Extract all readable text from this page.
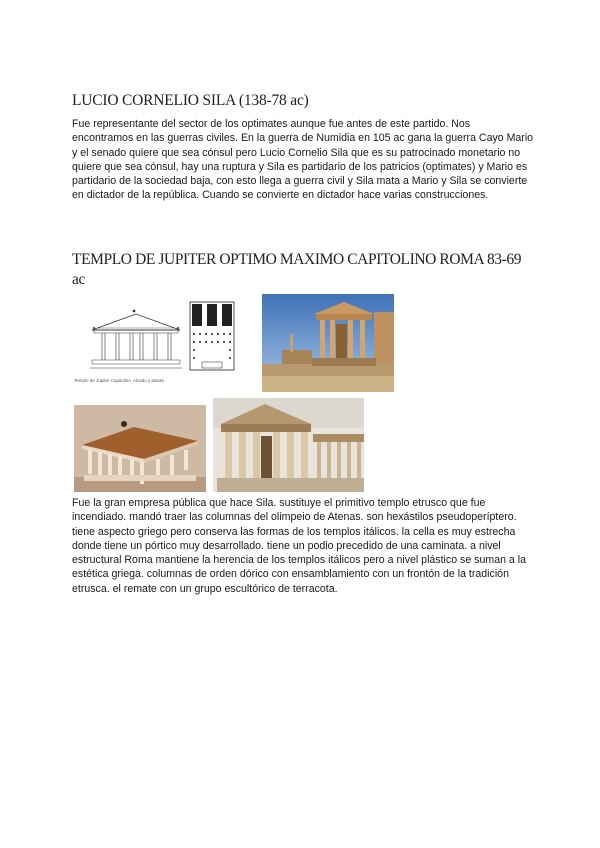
LUCIO CORNELIO SILA (138-78 ac)
Fue representante del sector de los optimates aunque fue antes de este partido. Nos encontramos en las guerras civiles. En la guerra de Numidia en 105 ac gana la guerra Cayo Mario y el senado quiere que sea cónsul pero Lucio Cornelio Sila que es su patrocinado monetario no quiere que sea cónsul, hay una ruptura y Sila es partidario de los patricios (optimates) y Mario es partidario de la sociedad baja, con esto llega a guerra civil y Sila mata a Mario y Sila se convierte en dictador de la república. Cuando se convierte en dictador hace varias construcciones.
TEMPLO DE JUPITER OPTIMO MAXIMO CAPITOLINO ROMA 83-69 ac
Templo de Júpiter Capitolino. Alzado y planta
Fue la gran empresa pública que hace Sila. sustituye el primitivo templo etrusco que fue incendiado. mandó traer las columnas del olimpeio de Atenas. son hexástilos pseudoperíptero. tiene aspecto griego pero conserva las formas de los templos itálicos. la cella es muy estrecha donde tiene un pórtico muy desarrollado. tiene un podio precedido de una caminata. a nivel estructural Roma mantiene la herencia de los templos itálicos pero a nivel plástico se suman a la estética griega. columnas de orden dórico con ensamblamiento con un frontón de la tradición etrusca. el remate con un grupo escultórico de terracota.
